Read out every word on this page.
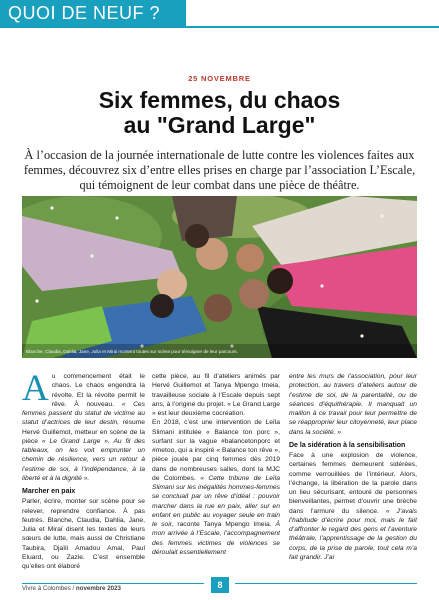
QUOI DE NEUF ?
25 NOVEMBRE
Six femmes, du chaos
au "Grand Large"
À l’occasion de la journée internationale de lutte contre les violences faites aux femmes, découvrez six d’entre elles prises en charge par l’association L’Escale, qui témoignent de leur combat dans une pièce de théâtre.
Blanche, Claudia, Dahlia, Jane, Julia et Mirai montent toutes sur scène pour témoigner de leur parcours.

Au commencement était le chaos. Le chaos engendra la révolte. Et la révolte permit le rêve. À nouveau. « Ces femmes passent du statut de victime au statut d’actrices de leur destin, résume Hervé Guillemot, metteur en scène de la pièce « Le Grand Large ». Au fil des tableaux, on les voit emprunter un chemin de résilience, vers un retour à l’estime de soi, à l’indépendance, à la liberté et à la dignité ».

Marcher en paix

Parler, écrire, monter sur scène pour se relever, reprendre confiance. À pas feutrés. Blanche, Claudia, Dahlia, Jane, Julia et Miraï disent les textes de leurs sœurs de lutte, mais aussi de Christiane Taubira, Djaïli Amadou Amal, Paul Eluard, ou Zazie. C’est ensemble qu’elles ont élaboré

cette pièce, au fil d’ateliers animés par Hervé Guillemot et Tanya Mpengo Imeia, travailleuse sociale à l’Escale depuis sept ans, à l’origine du projet. « Le Grand Large » est leur deuxième cocréation.

En 2018, c’est une intervention de Leïla Slimani intitulée « Balance ton porc », surfant sur la vague #balancetonporc et #metoo, qui a inspiré « Balance ton rêve », pièce jouée par cinq femmes dès 2019 dans de nombreuses salles, dont la MJC de Colombes. « Cette tribune de Leïla Slimani sur les inégalités hommes-femmes se concluait par un rêve d’idéal : pouvoir marcher dans la rue en paix, aller sur en enfant en public au voyager seule en train le soir, raconte Tanya Mpengo Imeia. À mon arrivée à l’Escale, l’accompagnement des femmes victimes de violences se déroulait essentiellement

entre les murs de l’association, pour leur protection, au travers d’ateliers autour de l’estime de soi, de la parentalité, ou de séances d’équithérapie. Il manquait un maillon à ce travail pour leur permettre de se réapproprier leur citoyenneté, leur place dans la société. »

De la sidération à la sensibilisation

Face à une explosion de violence, certaines femmes demeurent sidérées, comme verrouillées de l’intérieur. Alors, l’échange, la libération de la parole dans un lieu sécurisant, entouré de personnes bienveillantes, permet d’ouvrir une brèche dans l’armure du silence. « J’avais l’habitude d’écrire pour moi, mais le fait d’affronter le regard des gens et l’aventure théâtrale, l’apprentissage de la gestion du corps, de la prise de parole, tout cela m’a fait grandir. J’ai

Vivre à Colombes / novembre 2023	8
